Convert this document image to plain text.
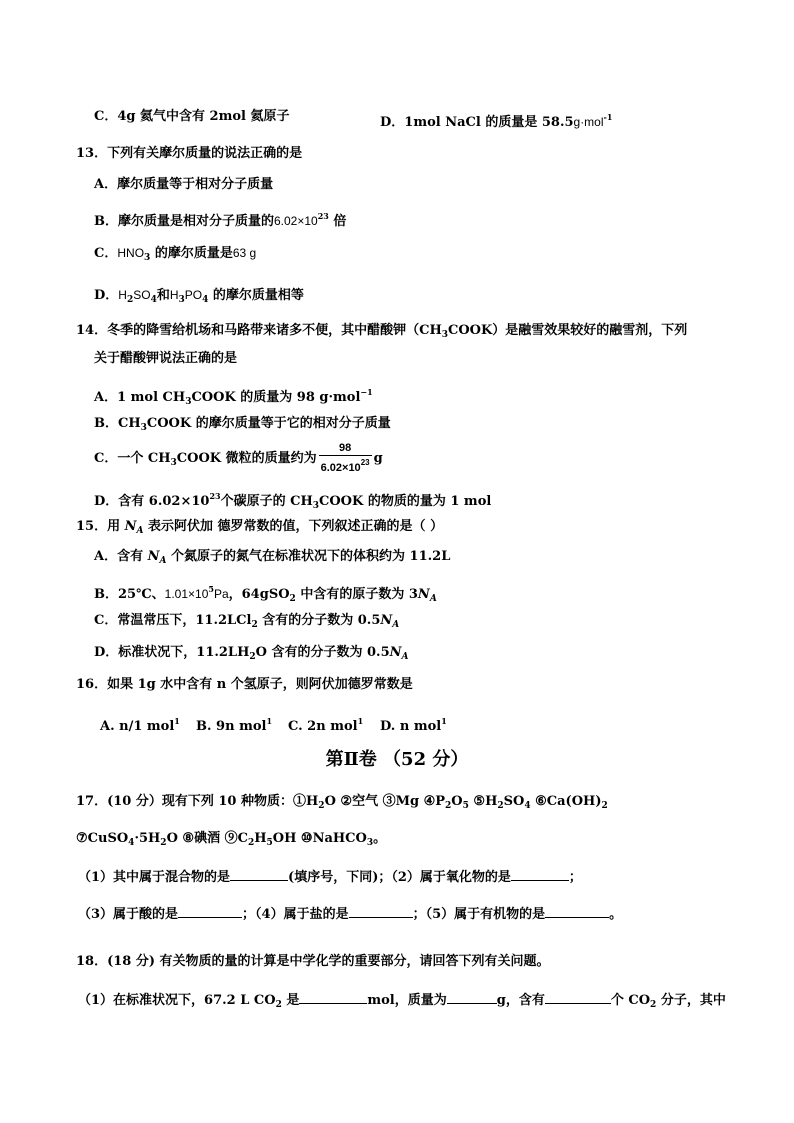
C．4g 氦气中含有 2mol 氦原子	D．1mol NaCl 的质量是 58.5g·mol$^{-1}$
13．下列有关摩尔质量的说法正确的是
A．摩尔质量等于相对分子质量
B．摩尔质量是相对分子质量的$6.02\times 10^{23}$ 倍
C．$HNO_3$ 的摩尔质量是63 g
D．$H_2SO_4$和$H_3PO_4$ 的摩尔质量相等
14．冬季的降雪给机场和马路带来诸多不便，其中醋酸钾$(CH_3COOK)$是融雪效果较好的融雪剂，下列
关于醋酸钾说法正确的是
A．1 mol $CH_3COOK$ 的质量为 98 g·mol$^{-1}$
B．$CH_3COOK$ 的摩尔质量等于它的相对分子质量
C．一个 $CH_3COOK$ 微粒的质量约为 $\frac{98}{6.02\times 10^{23}}$ g
D．含有 $6.02\times 10^{23}$个碳原子的 $CH_3COOK$ 的物质的量为 1 mol
15．用 $N_A$ 表示阿伏加 德罗常数的值，下列叙述正确的是（ ）
A．含有 $N_A$ 个氮原子的氮气在标准状况下的体积约为 11.2L
B．25℃、$1.01\times 10^5Pa$，64gSO$_2$ 中含有的原子数为 $3N_A$
C．常温常压下，11.2LCl$_2$ 含有的分子数为 $0.5N_A$
D．标准状况下，$11.2LH_2O$ 含有的分子数为 $0.5N_A$
16．如果 1g 水中含有 n 个氢原子，则阿伏加德罗常数是
A. n/1 mol$^1$ B. 9n mol$^1$ C. 2n mol$^1$ D. n mol$^1$
第Ⅱ卷 （52 分）
17．(10 分）现有下列 10 种物质：$①H_2O$ ②空气 ③Mg $④P_2O_5$ $⑤H_2SO_4$ $⑥Ca(OH)_2$
$⑦CuSO_4\cdot 5H_2O$ ⑧碘酒 $⑨C_2H_5OH$ ⑩NaHCO$_3$。
（1）其中属于混合物的是	(填序号，下同)；（2）属于氧化物的是	；
（3）属于酸的是	；（4）属于盐的是	；（5）属于有机物的是	。
18．(18 分) 有关物质的量的计算是中学化学的重要部分，请回答下列有关问题。
（1）在标准状况下，67.2 L $CO_2$ 是	mol，质量为	g，含有	个 $CO_2$ 分子，其中
